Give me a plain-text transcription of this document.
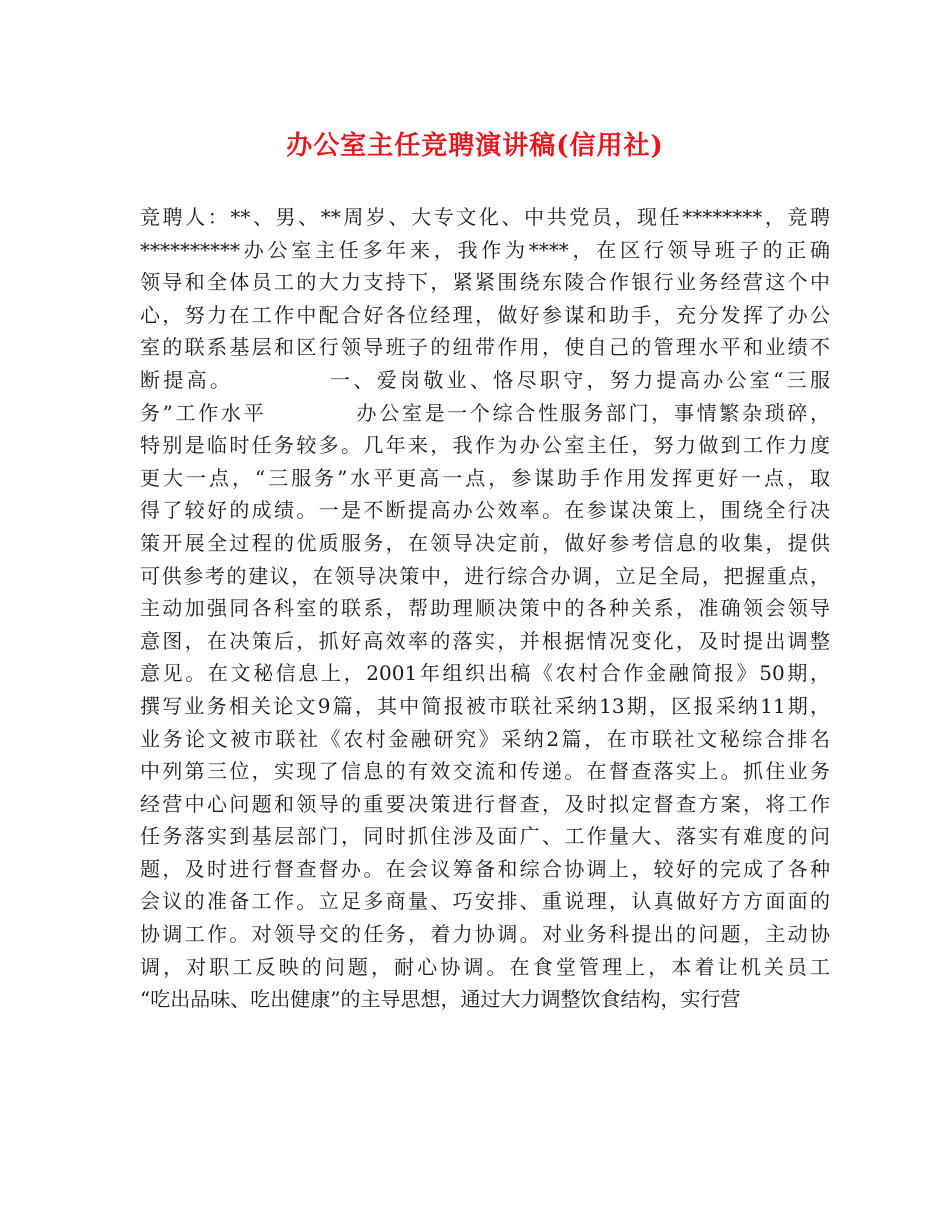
办公室主任竞聘演讲稿(信用社)
竞聘人：**、男、**周岁、大专文化、中共党员，现任********，竞聘
**********办公室主任多年来，我作为****，在区行领导班子的正确
领导和全体员工的大力支持下，紧紧围绕东陵合作银行业务经营这个中
心，努力在工作中配合好各位经理，做好参谋和助手，充分发挥了办公
室的联系基层和区行领导班子的纽带作用，使自己的管理水平和业绩不
断提高。          一、爱岗敬业、恪尽职守，努力提高办公室“三服
务”工作水平          办公室是一个综合性服务部门，事情繁杂琐碎，
特别是临时任务较多。几年来，我作为办公室主任，努力做到工作力度
更大一点，“三服务”水平更高一点，参谋助手作用发挥更好一点，取
得了较好的成绩。一是不断提高办公效率。在参谋决策上，围绕全行决
策开展全过程的优质服务，在领导决定前，做好参考信息的收集，提供
可供参考的建议，在领导决策中，进行综合办调，立足全局，把握重点，
主动加强同各科室的联系，帮助理顺决策中的各种关系，准确领会领导
意图，在决策后，抓好高效率的落实，并根据情况变化，及时提出调整
意见。在文秘信息上，2001年组织出稿《农村合作金融简报》50期，
撰写业务相关论文9篇，其中简报被市联社采纳13期，区报采纳11期，
业务论文被市联社《农村金融研究》采纳2篇，在市联社文秘综合排名
中列第三位，实现了信息的有效交流和传递。在督查落实上。抓住业务
经营中心问题和领导的重要决策进行督查，及时拟定督查方案，将工作
任务落实到基层部门，同时抓住涉及面广、工作量大、落实有难度的问
题，及时进行督查督办。在会议筹备和综合协调上，较好的完成了各种
会议的准备工作。立足多商量、巧安排、重说理，认真做好方方面面的
协调工作。对领导交的任务，着力协调。对业务科提出的问题，主动协
调，对职工反映的问题，耐心协调。在食堂管理上，本着让机关员工
“吃出品味、吃出健康”的主导思想，通过大力调整饮食结构，实行营
